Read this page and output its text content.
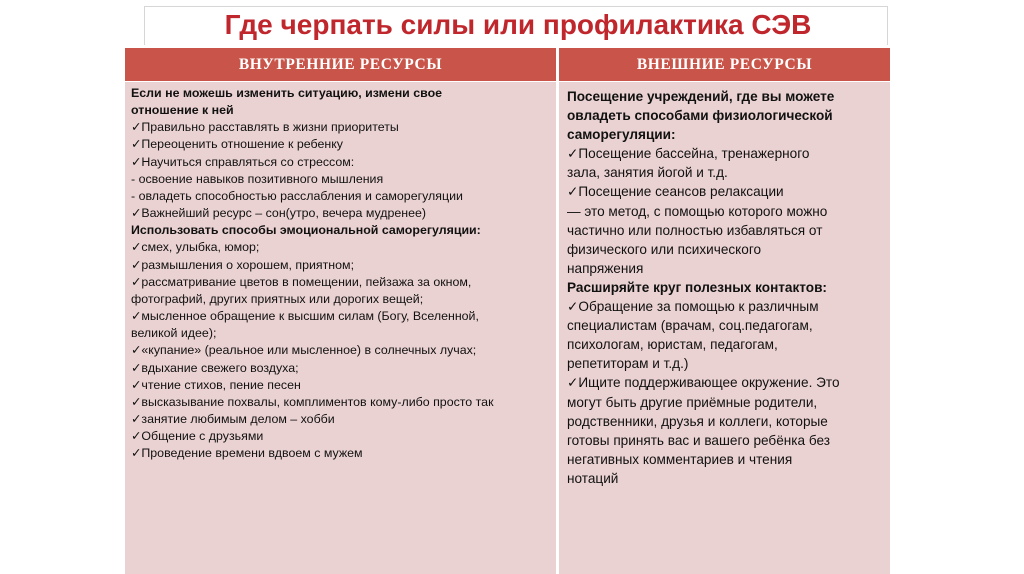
Где черпать силы или профилактика СЭВ
ВНУТРЕННИЕ РЕСУРСЫ	ВНЕШНИЕ РЕСУРСЫ
Если не можешь изменить ситуацию, измени свое
отношение к ней
✓Правильно расставлять в жизни приоритеты
✓Переоценить отношение к ребенку
✓Научиться справляться со стрессом:
- освоение навыков позитивного мышления
- овладеть способностью расслабления и саморегуляции
✓Важнейший ресурс – сон(утро, вечера мудренее)
Использовать способы эмоциональной саморегуляции:
✓смех, улыбка, юмор;
✓размышления о хорошем, приятном;
✓рассматривание цветов в помещении, пейзажа за окном,
фотографий, других приятных или дорогих вещей;
✓мысленное обращение к высшим силам (Богу, Вселенной,
великой идее);
✓«купание» (реальное или мысленное) в солнечных лучах;
✓вдыхание свежего воздуха;
✓чтение стихов, пение песен
✓высказывание похвалы, комплиментов кому-либо просто так
✓занятие любимым делом – хобби
✓Общение с друзьями
✓Проведение времени вдвоем с мужем
Посещение учреждений, где вы можете
овладеть способами физиологической
саморегуляции:
✓Посещение бассейна, тренажерного
зала, занятия йогой и т.д.
✓Посещение сеансов релаксации
— это метод, с помощью которого можно
частично или полностью избавляться от
физического или психического
напряжения
Расширяйте круг полезных контактов:
✓Обращение за помощью к различным
специалистам (врачам, соц.педагогам,
психологам, юристам, педагогам,
репетиторам и т.д.)
✓Ищите поддерживающее окружение. Это
могут быть другие приёмные родители,
родственники, друзья и коллеги, которые
готовы принять вас и вашего ребёнка без
негативных комментариев и чтения
нотаций
